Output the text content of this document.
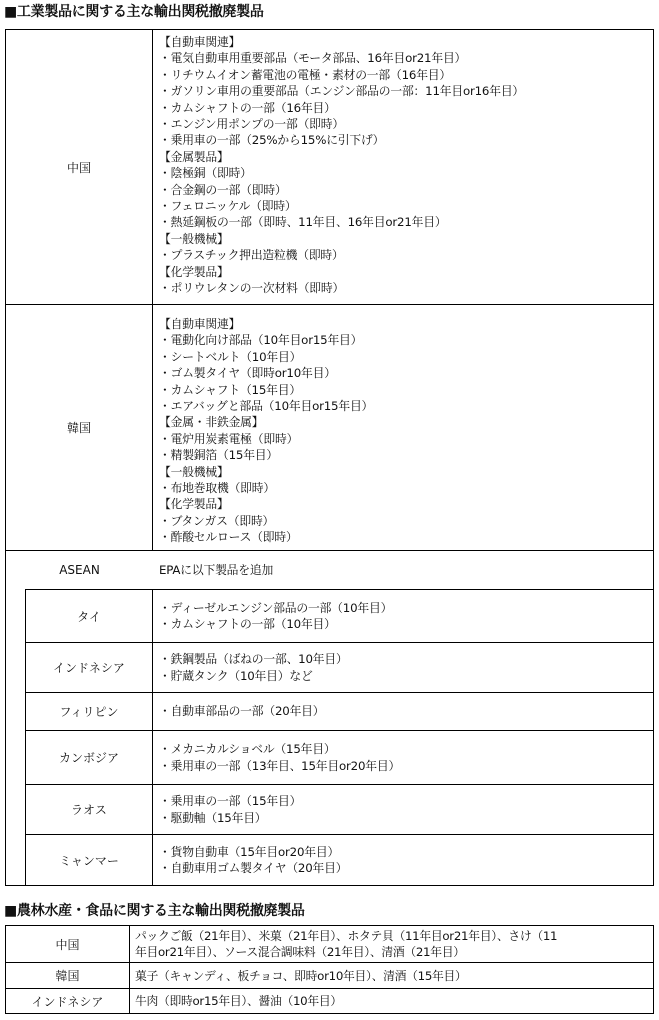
■工業製品に関する主な輸出関税撤廃製品
中国
【自動車関連】
・電気自動車用重要部品（モータ部品、16年目or21年目）
・リチウムイオン蓄電池の電極・素材の一部（16年目）
・ガソリン車用の重要部品（エンジン部品の一部：11年目or16年目）
・カムシャフトの一部（16年目）
・エンジン用ポンプの一部（即時）
・乗用車の一部（25%から15%に引下げ）
【金属製品】
・陰極銅（即時）
・合金鋼の一部（即時）
・フェロニッケル（即時）
・熱延鋼板の一部（即時、11年目、16年目or21年目）
【一般機械】
・プラスチック押出造粒機（即時）
【化学製品】
・ポリウレタンの一次材料（即時）
韓国
【自動車関連】
・電動化向け部品（10年目or15年目）
・シートベルト（10年目）
・ゴム製タイヤ（即時or10年目）
・カムシャフト（15年目）
・エアバッグと部品（10年目or15年目）
【金属・非鉄金属】
・電炉用炭素電極（即時）
・精製銅箔（15年目）
【一般機械】
・布地巻取機（即時）
【化学製品】
・ブタンガス（即時）
・酢酸セルロース（即時）
ASEAN	EPAに以下製品を追加
タイ
・ディーゼルエンジン部品の一部（10年目）
・カムシャフトの一部（10年目）
インドネシア
・鉄鋼製品（ばねの一部、10年目）
・貯蔵タンク（10年目）など
フィリピン	・自動車部品の一部（20年目）
カンボジア
・メカニカルショベル（15年目）
・乗用車の一部（13年目、15年目or20年目）
ラオス
・乗用車の一部（15年目）
・駆動軸（15年目）
ミャンマー
・貨物自動車（15年目or20年目）
・自動車用ゴム製タイヤ（20年目）
■農林水産・食品に関する主な輸出関税撤廃製品
中国
パックご飯（21年目）、米菓（21年目）、ホタテ貝（11年目or21年目）、さけ（11
年目or21年目）、ソース混合調味料（21年目）、清酒（21年目）
韓国	菓子（キャンディ、板チョコ、即時or10年目）、清酒（15年目）
インドネシア	牛肉（即時or15年目）、醤油（10年目）
